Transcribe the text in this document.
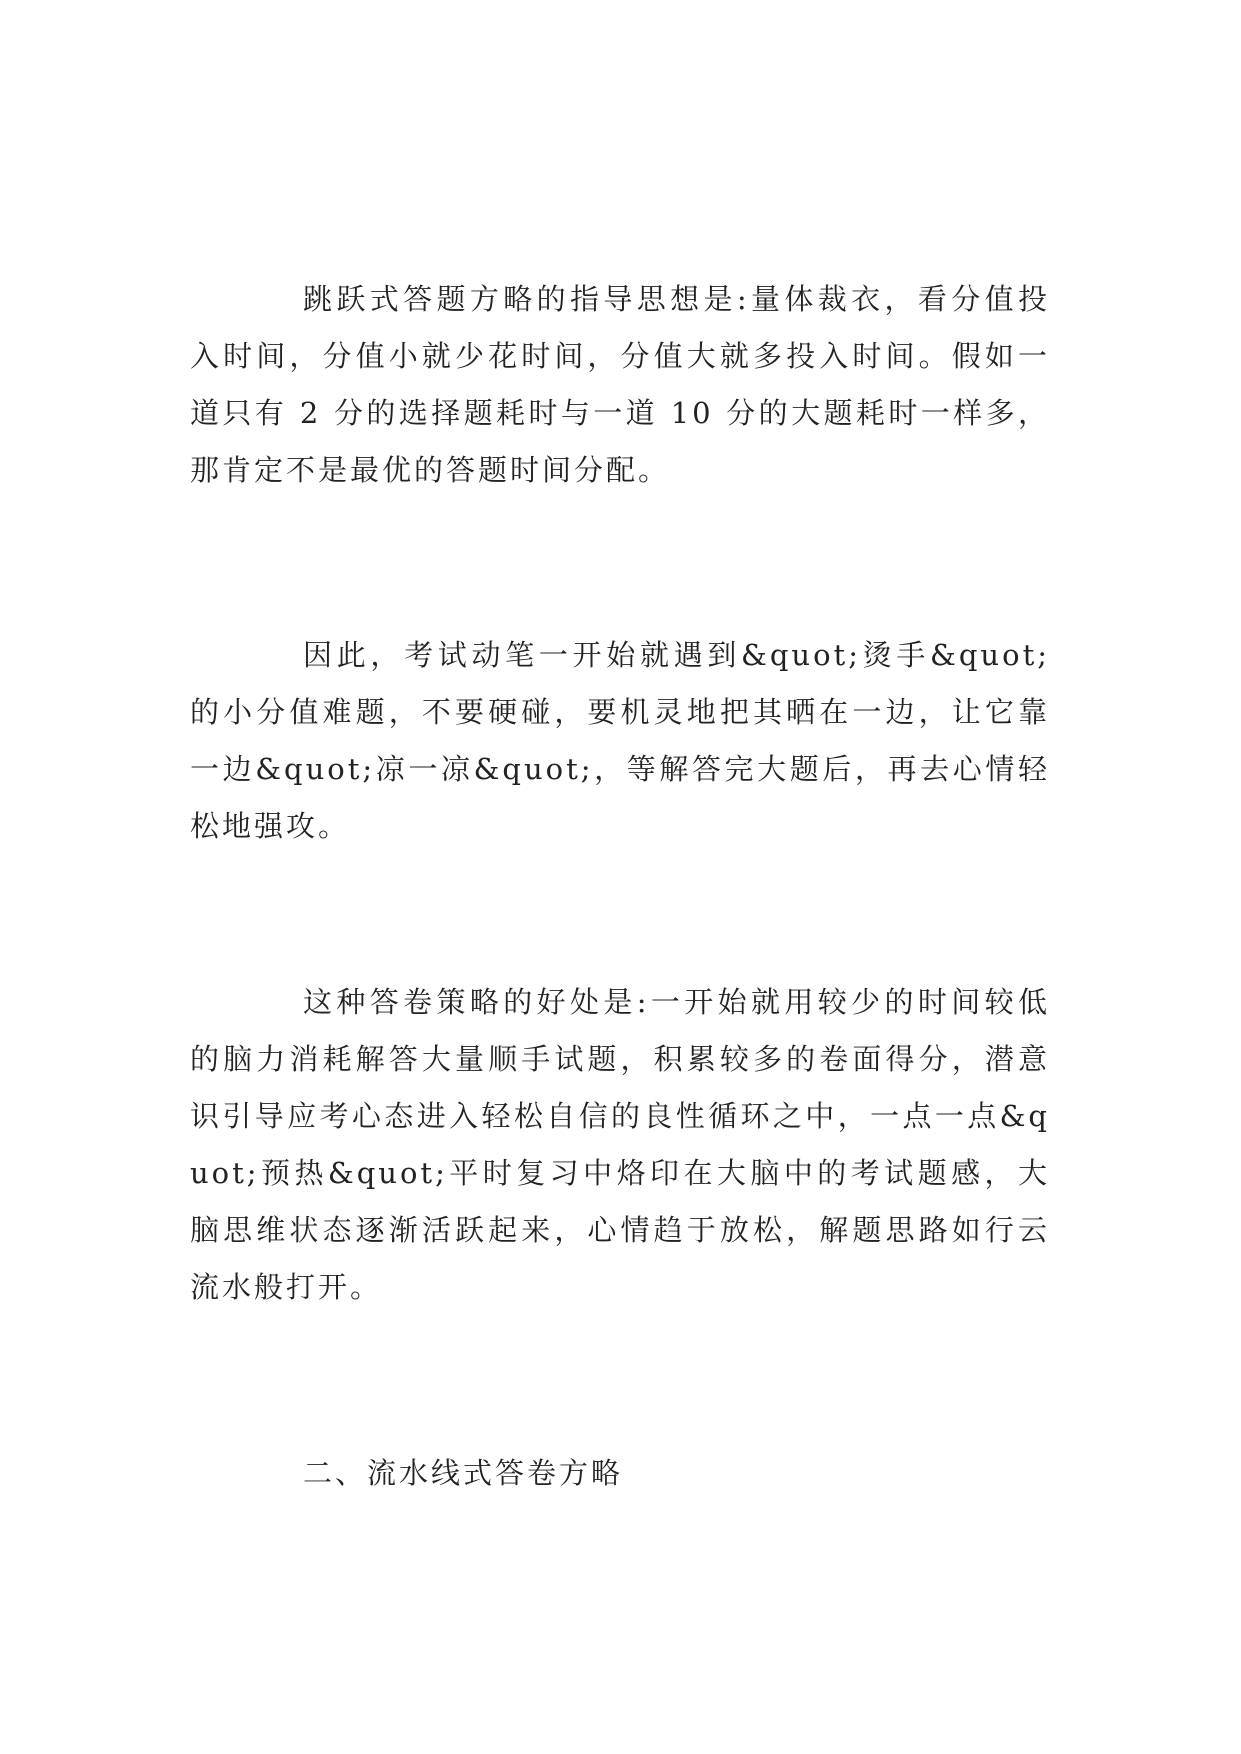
跳跃式答题方略的指导思想是:量体裁衣，看分值投入时间，分值小就少花时间，分值大就多投入时间。假如一道只有 2 分的选择题耗时与一道 10 分的大题耗时一样多，那肯定不是最优的答题时间分配。

因此，考试动笔一开始就遇到&quot;烫手&quot;的小分值难题，不要硬碰，要机灵地把其晒在一边，让它靠一边&quot;凉一凉&quot;，等解答完大题后，再去心情轻松地强攻。

这种答卷策略的好处是:一开始就用较少的时间较低的脑力消耗解答大量顺手试题，积累较多的卷面得分，潜意识引导应考心态进入轻松自信的良性循环之中，一点一点&quot;预热&quot;平时复习中烙印在大脑中的考试题感，大脑思维状态逐渐活跃起来，心情趋于放松，解题思路如行云流水般打开。

二、流水线式答卷方略
